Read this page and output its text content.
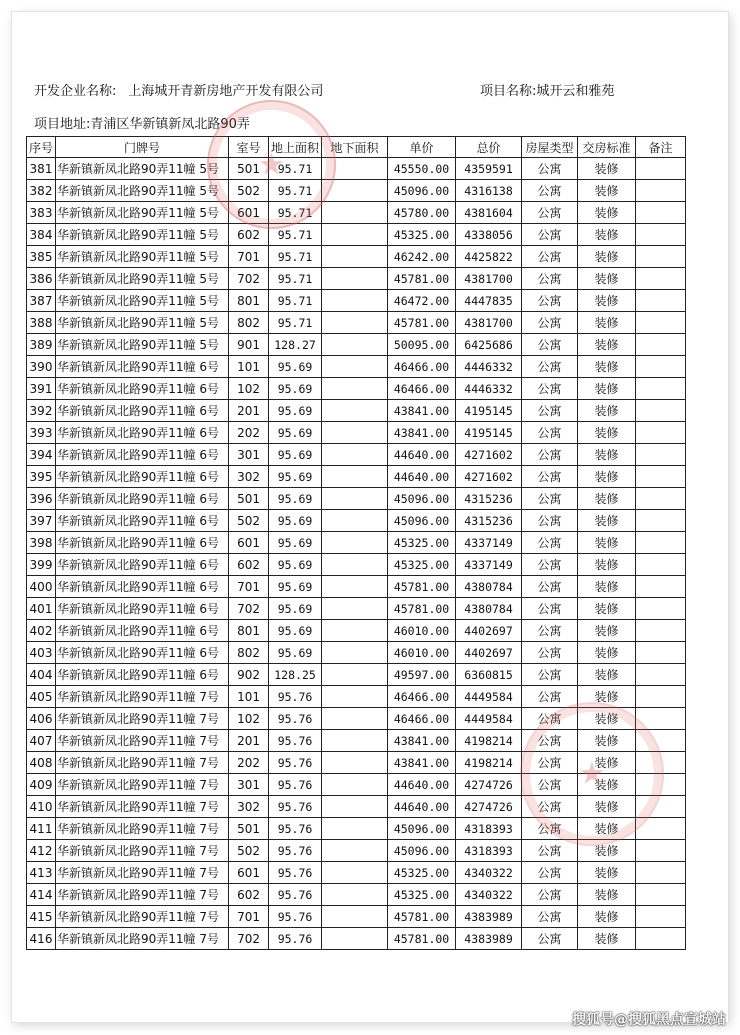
开发企业名称: 上海城开青新房地产开发有限公司	项目名称:城开云和雅苑
项目地址:青浦区华新镇新凤北路90弄
序号	门牌号	室号	地上面积	地下面积	单价	总价	房屋类型	交房标准	备注
381	华新镇新凤北路90弄11幢 5号	501	95.71		45550.00	4359591	公寓	装修	
382	华新镇新凤北路90弄11幢 5号	502	95.71		45096.00	4316138	公寓	装修	
383	华新镇新凤北路90弄11幢 5号	601	95.71		45780.00	4381604	公寓	装修	
384	华新镇新凤北路90弄11幢 5号	602	95.71		45325.00	4338056	公寓	装修	
385	华新镇新凤北路90弄11幢 5号	701	95.71		46242.00	4425822	公寓	装修	
386	华新镇新凤北路90弄11幢 5号	702	95.71		45781.00	4381700	公寓	装修	
387	华新镇新凤北路90弄11幢 5号	801	95.71		46472.00	4447835	公寓	装修	
388	华新镇新凤北路90弄11幢 5号	802	95.71		45781.00	4381700	公寓	装修	
389	华新镇新凤北路90弄11幢 5号	901	128.27		50095.00	6425686	公寓	装修	
390	华新镇新凤北路90弄11幢 6号	101	95.69		46466.00	4446332	公寓	装修	
391	华新镇新凤北路90弄11幢 6号	102	95.69		46466.00	4446332	公寓	装修	
392	华新镇新凤北路90弄11幢 6号	201	95.69		43841.00	4195145	公寓	装修	
393	华新镇新凤北路90弄11幢 6号	202	95.69		43841.00	4195145	公寓	装修	
394	华新镇新凤北路90弄11幢 6号	301	95.69		44640.00	4271602	公寓	装修	
395	华新镇新凤北路90弄11幢 6号	302	95.69		44640.00	4271602	公寓	装修	
396	华新镇新凤北路90弄11幢 6号	501	95.69		45096.00	4315236	公寓	装修	
397	华新镇新凤北路90弄11幢 6号	502	95.69		45096.00	4315236	公寓	装修	
398	华新镇新凤北路90弄11幢 6号	601	95.69		45325.00	4337149	公寓	装修	
399	华新镇新凤北路90弄11幢 6号	602	95.69		45325.00	4337149	公寓	装修	
400	华新镇新凤北路90弄11幢 6号	701	95.69		45781.00	4380784	公寓	装修	
401	华新镇新凤北路90弄11幢 6号	702	95.69		45781.00	4380784	公寓	装修	
402	华新镇新凤北路90弄11幢 6号	801	95.69		46010.00	4402697	公寓	装修	
403	华新镇新凤北路90弄11幢 6号	802	95.69		46010.00	4402697	公寓	装修	
404	华新镇新凤北路90弄11幢 6号	902	128.25		49597.00	6360815	公寓	装修	
405	华新镇新凤北路90弄11幢 7号	101	95.76		46466.00	4449584	公寓	装修	
406	华新镇新凤北路90弄11幢 7号	102	95.76		46466.00	4449584	公寓	装修	
407	华新镇新凤北路90弄11幢 7号	201	95.76		43841.00	4198214	公寓	装修	
408	华新镇新凤北路90弄11幢 7号	202	95.76		43841.00	4198214	公寓	装修	
409	华新镇新凤北路90弄11幢 7号	301	95.76		44640.00	4274726	公寓	装修	
410	华新镇新凤北路90弄11幢 7号	302	95.76		44640.00	4274726	公寓	装修	
411	华新镇新凤北路90弄11幢 7号	501	95.76		45096.00	4318393	公寓	装修	
412	华新镇新凤北路90弄11幢 7号	502	95.76		45096.00	4318393	公寓	装修	
413	华新镇新凤北路90弄11幢 7号	601	95.76		45325.00	4340322	公寓	装修	
414	华新镇新凤北路90弄11幢 7号	602	95.76		45325.00	4340322	公寓	装修	
415	华新镇新凤北路90弄11幢 7号	701	95.76		45781.00	4383989	公寓	装修	
416	华新镇新凤北路90弄11幢 7号	702	95.76		45781.00	4383989	公寓	装修	
★
★
搜狐号@搜狐黑点宣城站
